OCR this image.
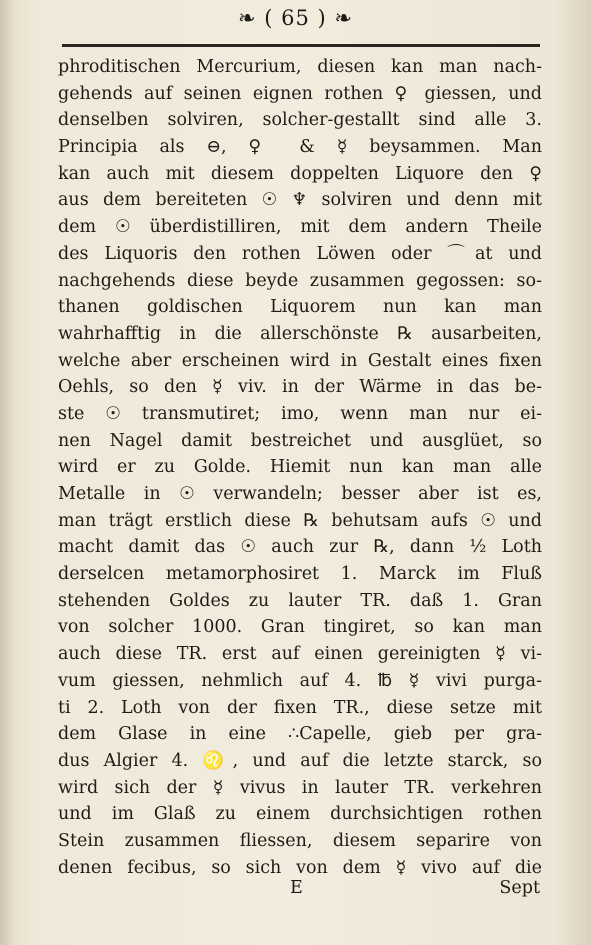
❧ ( 65 ) ❧
phroditischen Mercurium, diesen kan man nach-
gehends auf seinen eignen rothen ♀ giessen, und
denselben solviren, solcher-gestallt sind alle 3.
Principia als ⊖, ♀ & ☿ beysammen. Man
kan auch mit diesem doppelten Liquore den ♀
aus dem bereiteten ☉ ♆ solviren und denn mit
dem ☉ überdistilliren, mit dem andern Theile
des Liquoris den rothen Löwen oder ⌒at und
nachgehends diese beyde zusammen gegossen: so-
thanen goldischen Liquorem nun kan man
wahrhafftig in die allerschönste ℞ ausarbeiten,
welche aber erscheinen wird in Gestalt eines fixen
Oehls, so den ☿ viv. in der Wärme in das be-
ste ☉ transmutiret; imo, wenn man nur ei-
nen Nagel damit bestreichet und ausglüet, so
wird er zu Golde. Hiemit nun kan man alle
Metalle in ☉ verwandeln; besser aber ist es,
man trägt erstlich diese ℞ behutsam aufs ☉ und
macht damit das ☉ auch zur ℞, dann ½ Loth
derselcen metamorphosiret 1. Marck im Fluß
stehenden Goldes zu lauter TR. daß 1. Gran
von solcher 1000. Gran tingiret, so kan man
auch diese TR. erst auf einen gereinigten ☿ vi-
vum giessen, nehmlich auf 4. ℔ ☿ vivi purga-
ti 2. Loth von der fixen TR., diese setze mit
dem Glase in eine ∴Capelle, gieb per gra-
dus Algier 4. ♌, und auf die letzte starck, so
wird sich der ☿ vivus in lauter TR. verkehren
und im Glaß zu einem durchsichtigen rothen
Stein zusammen fliessen, diesem separire von
denen fecibus, so sich von dem ☿ vivo auf die
E	Sept
